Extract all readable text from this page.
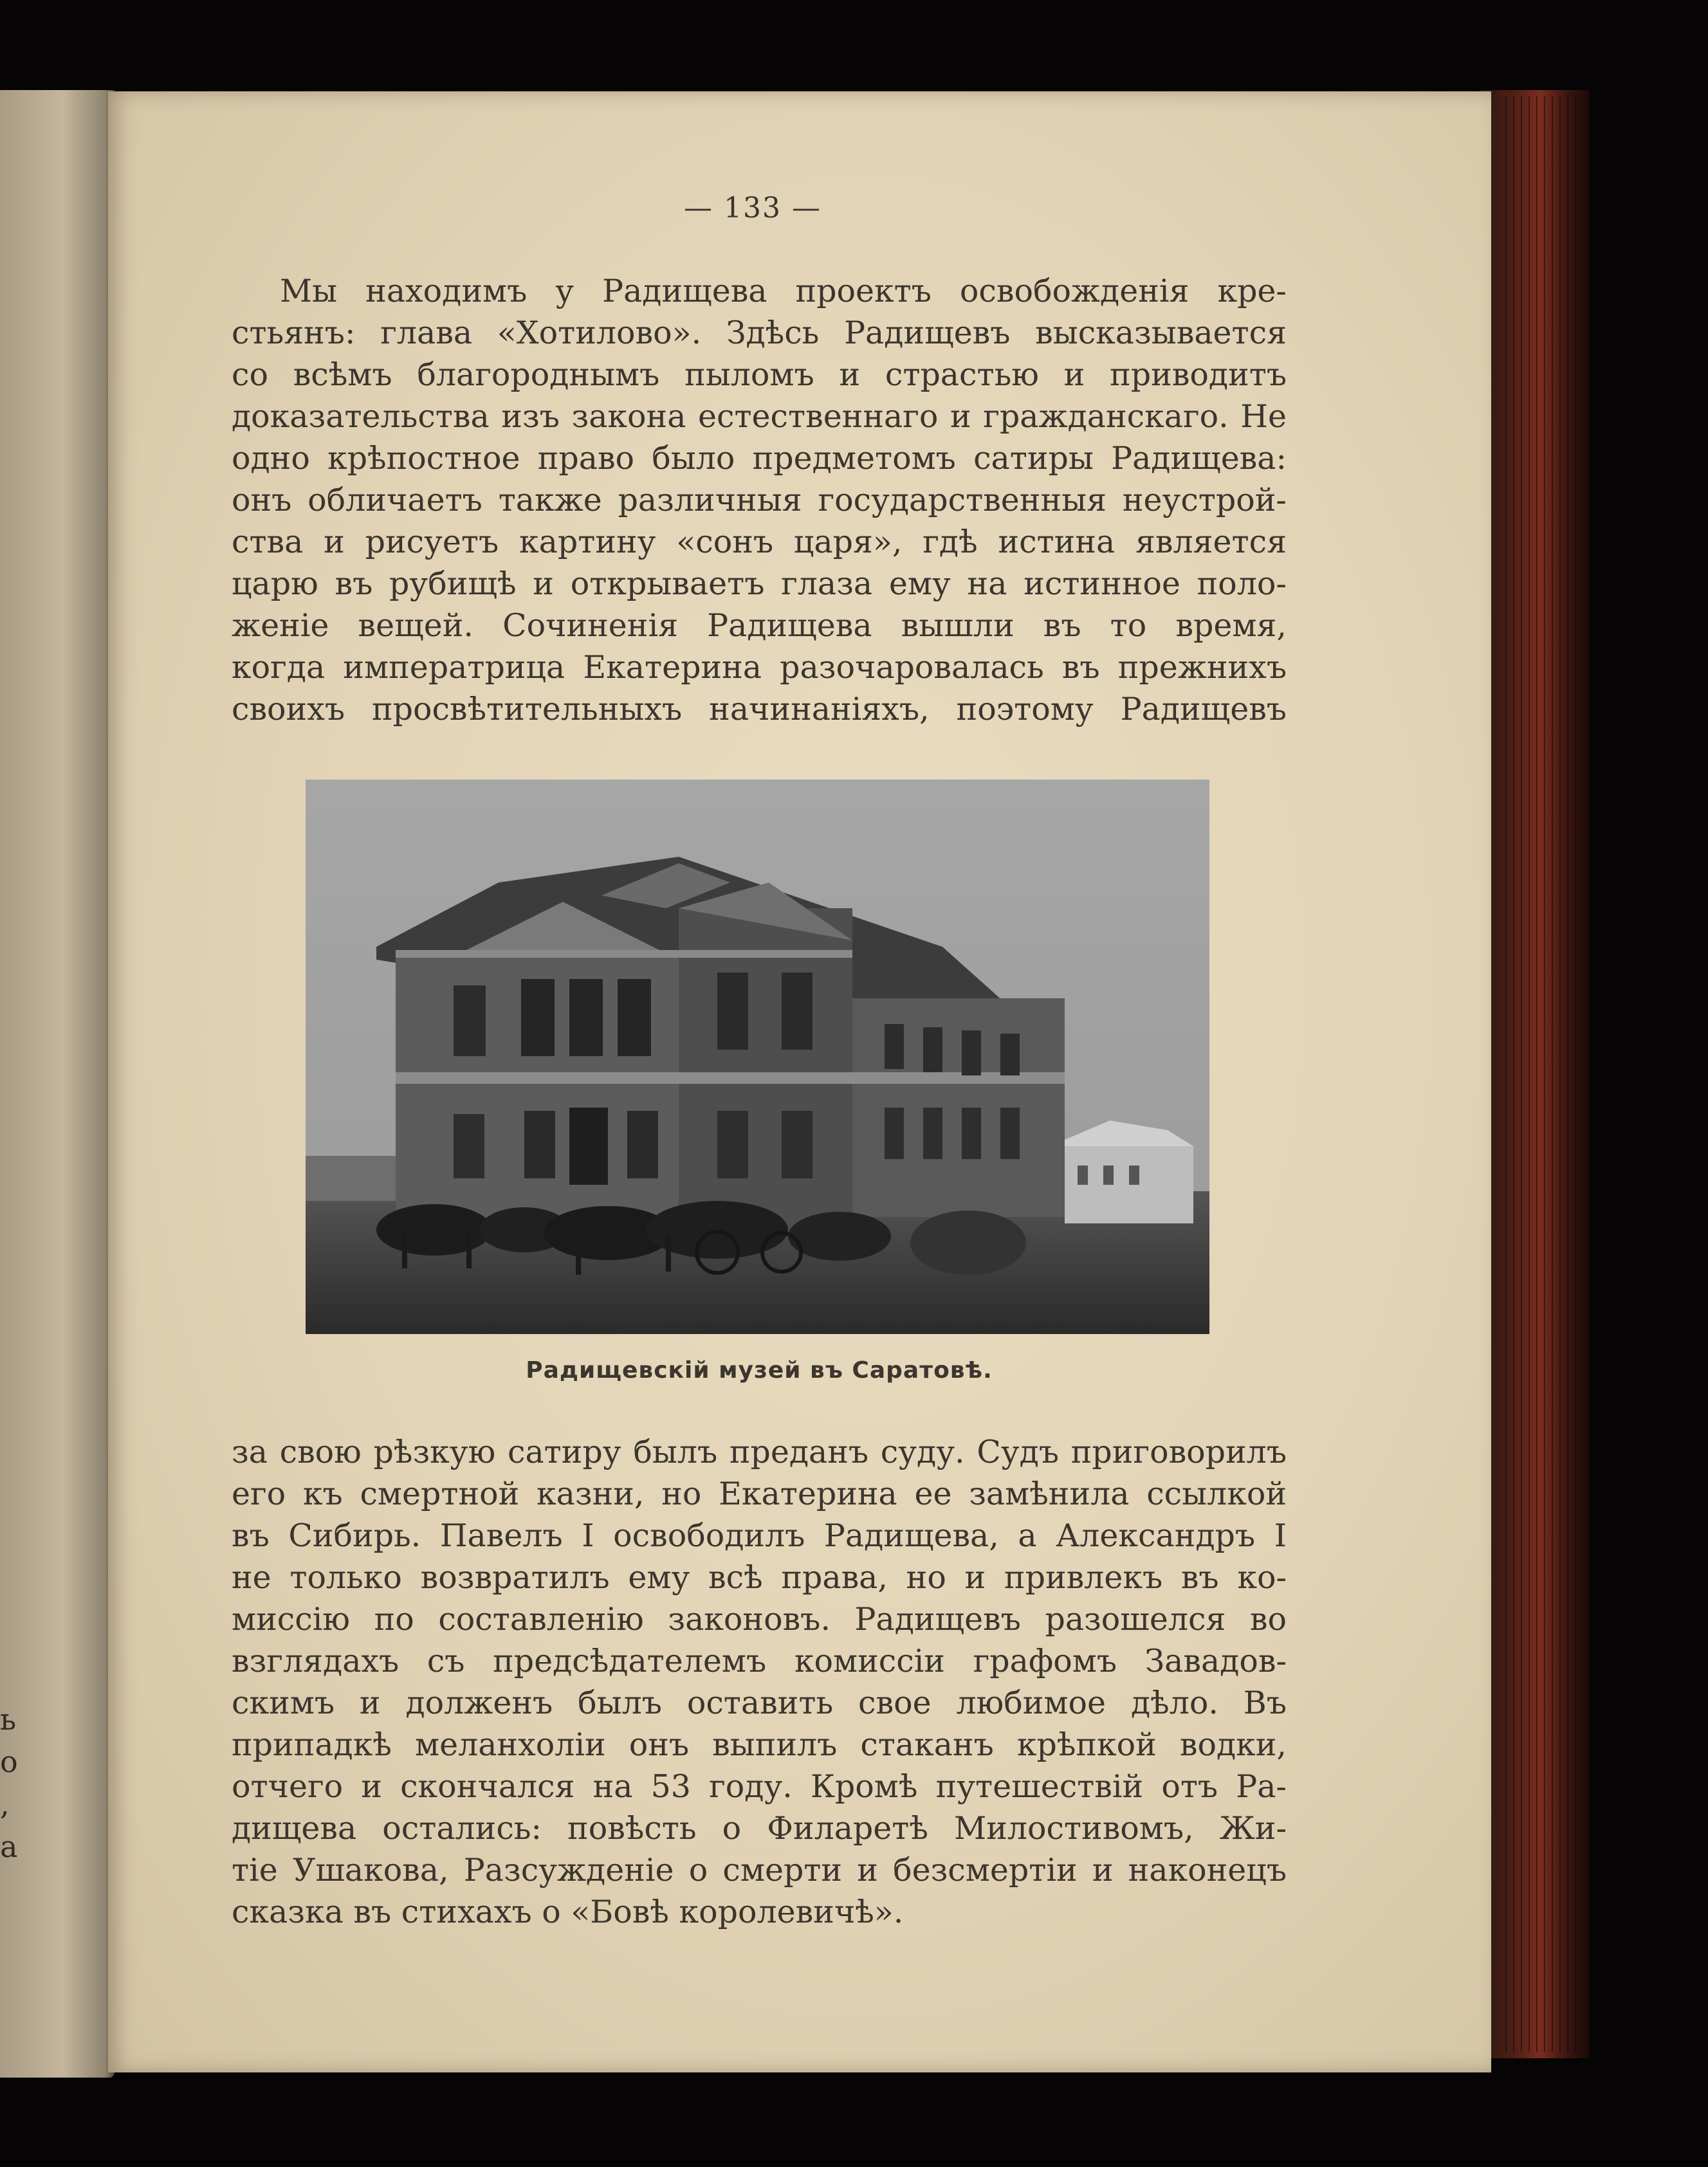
ь
о
,
а
— 133 —
Мы находимъ у Радищева проектъ освобожденія кре-
стьянъ: глава «Хотилово». Здѣсь Радищевъ высказывается
со всѣмъ благороднымъ пыломъ и страстью и приводитъ
доказательства изъ закона естественнаго и гражданскаго. Не
одно крѣпостное право было предметомъ сатиры Радищева:
онъ обличаетъ также различныя государственныя неустрой-
ства и рисуетъ картину «сонъ царя», гдѣ истина является
царю въ рубищѣ и открываетъ глаза ему на истинное поло-
женіе вещей. Сочиненія Радищева вышли въ то время,
когда императрица Екатерина разочаровалась въ прежнихъ
своихъ просвѣтительныхъ начинаніяхъ, поэтому Радищевъ
Радищевскій музей въ Саратовѣ.
за свою рѣзкую сатиру былъ преданъ суду. Судъ приговорилъ
его къ смертной казни, но Екатерина ее замѣнила ссылкой
въ Сибирь. Павелъ I освободилъ Радищева, а Александръ I
не только возвратилъ ему всѣ права, но и привлекъ въ ко-
миссію по составленію законовъ. Радищевъ разошелся во
взглядахъ съ предсѣдателемъ комиссіи графомъ Завадов-
скимъ и долженъ былъ оставить свое любимое дѣло. Въ
припадкѣ меланхоліи онъ выпилъ стаканъ крѣпкой водки,
отчего и скончался на 53 году. Кромѣ путешествій отъ Ра-
дищева остались: повѣсть о Филаретѣ Милостивомъ, Жи-
тіе Ушакова, Разсужденіе о смерти и безсмертіи и наконецъ
сказка въ стихахъ о «Бовѣ королевичѣ».
